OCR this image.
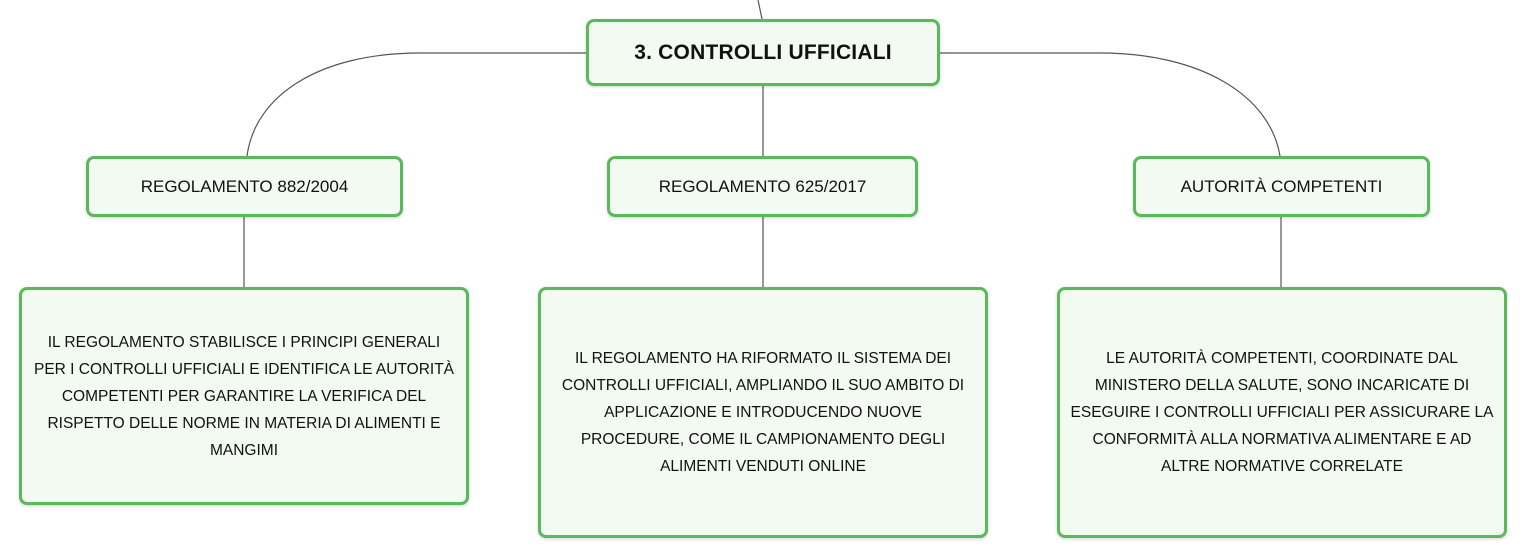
3. CONTROLLI UFFICIALI
REGOLAMENTO 882/2004	REGOLAMENTO 625/2017	AUTORITÀ COMPETENTI
IL REGOLAMENTO STABILISCE I PRINCIPI GENERALI PER I CONTROLLI UFFICIALI E IDENTIFICA LE AUTORITÀ COMPETENTI PER GARANTIRE LA VERIFICA DEL RISPETTO DELLE NORME IN MATERIA DI ALIMENTI E MANGIMI
IL REGOLAMENTO HA RIFORMATO IL SISTEMA DEI CONTROLLI UFFICIALI, AMPLIANDO IL SUO AMBITO DI APPLICAZIONE E INTRODUCENDO NUOVE PROCEDURE, COME IL CAMPIONAMENTO DEGLI ALIMENTI VENDUTI ONLINE
LE AUTORITÀ COMPETENTI, COORDINATE DAL MINISTERO DELLA SALUTE, SONO INCARICATE DI ESEGUIRE I CONTROLLI UFFICIALI PER ASSICURARE LA CONFORMITÀ ALLA NORMATIVA ALIMENTARE E AD ALTRE NORMATIVE CORRELATE
